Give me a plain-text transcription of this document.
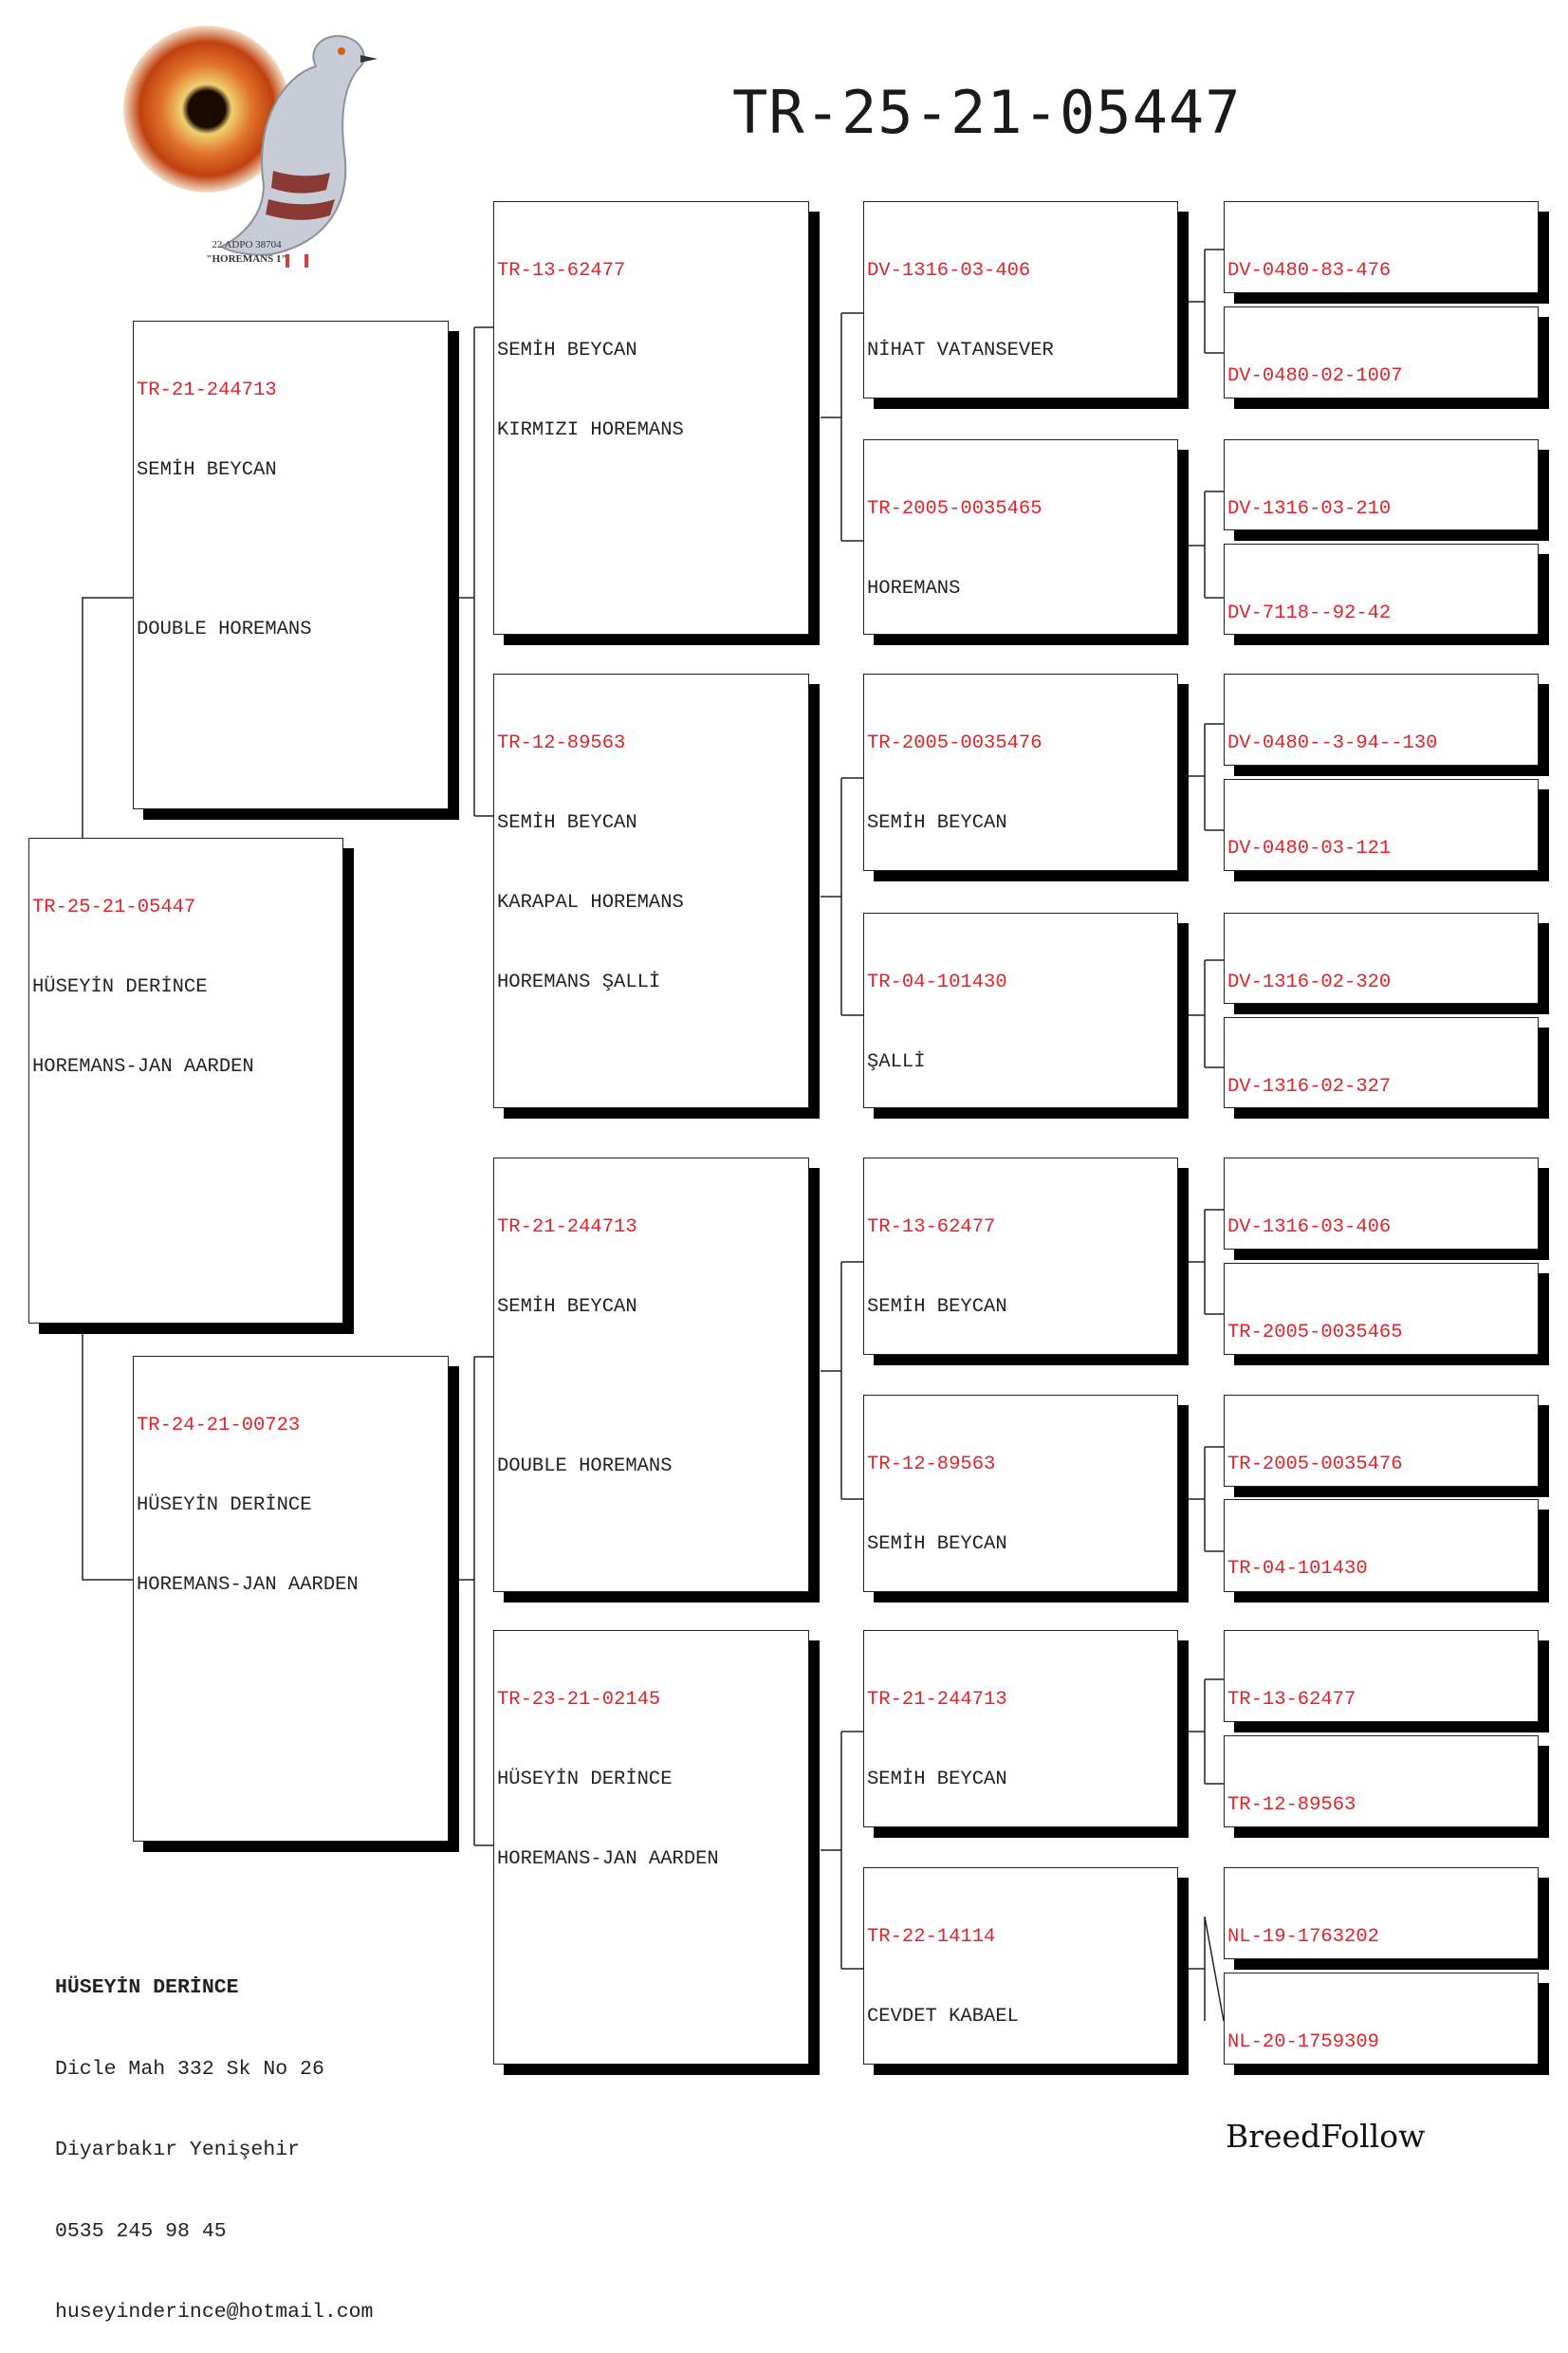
22 ADPO 38704
"HOREMANS 1"
TR-25-21-05447

TR-25-21-05447

HÜSEYİN DERİNCE

HOREMANS-JAN AARDEN

TR-21-244713

SEMİH BEYCAN

DOUBLE HOREMANS

TR-24-21-00723

HÜSEYİN DERİNCE

HOREMANS-JAN AARDEN

TR-13-62477

SEMİH BEYCAN

KIRMIZI HOREMANS

TR-12-89563

SEMİH BEYCAN

KARAPAL HOREMANS

HOREMANS ŞALLİ

TR-21-244713

SEMİH BEYCAN

DOUBLE HOREMANS

TR-23-21-02145

HÜSEYİN DERİNCE

HOREMANS-JAN AARDEN

DV-1316-03-406

NİHAT VATANSEVER

TR-2005-0035465

HOREMANS

TR-2005-0035476

SEMİH BEYCAN

TR-04-101430

ŞALLİ

TR-13-62477

SEMİH BEYCAN

TR-12-89563

SEMİH BEYCAN

TR-21-244713

SEMİH BEYCAN

TR-22-14114

CEVDET KABAEL

DV-0480-83-476

DV-0480-02-1007

DV-1316-03-210

DV-7118--92-42

DV-0480--3-94--130

DV-0480-03-121

DV-1316-02-320

DV-1316-02-327

DV-1316-03-406

TR-2005-0035465

TR-2005-0035476

TR-04-101430

TR-13-62477

TR-12-89563

NL-19-1763202

NL-20-1759309

HÜSEYİN DERİNCE

Dicle Mah 332 Sk No 26

Diyarbakır Yenişehir

0535 245 98 45

huseyinderince@hotmail.com

BreedFollow
